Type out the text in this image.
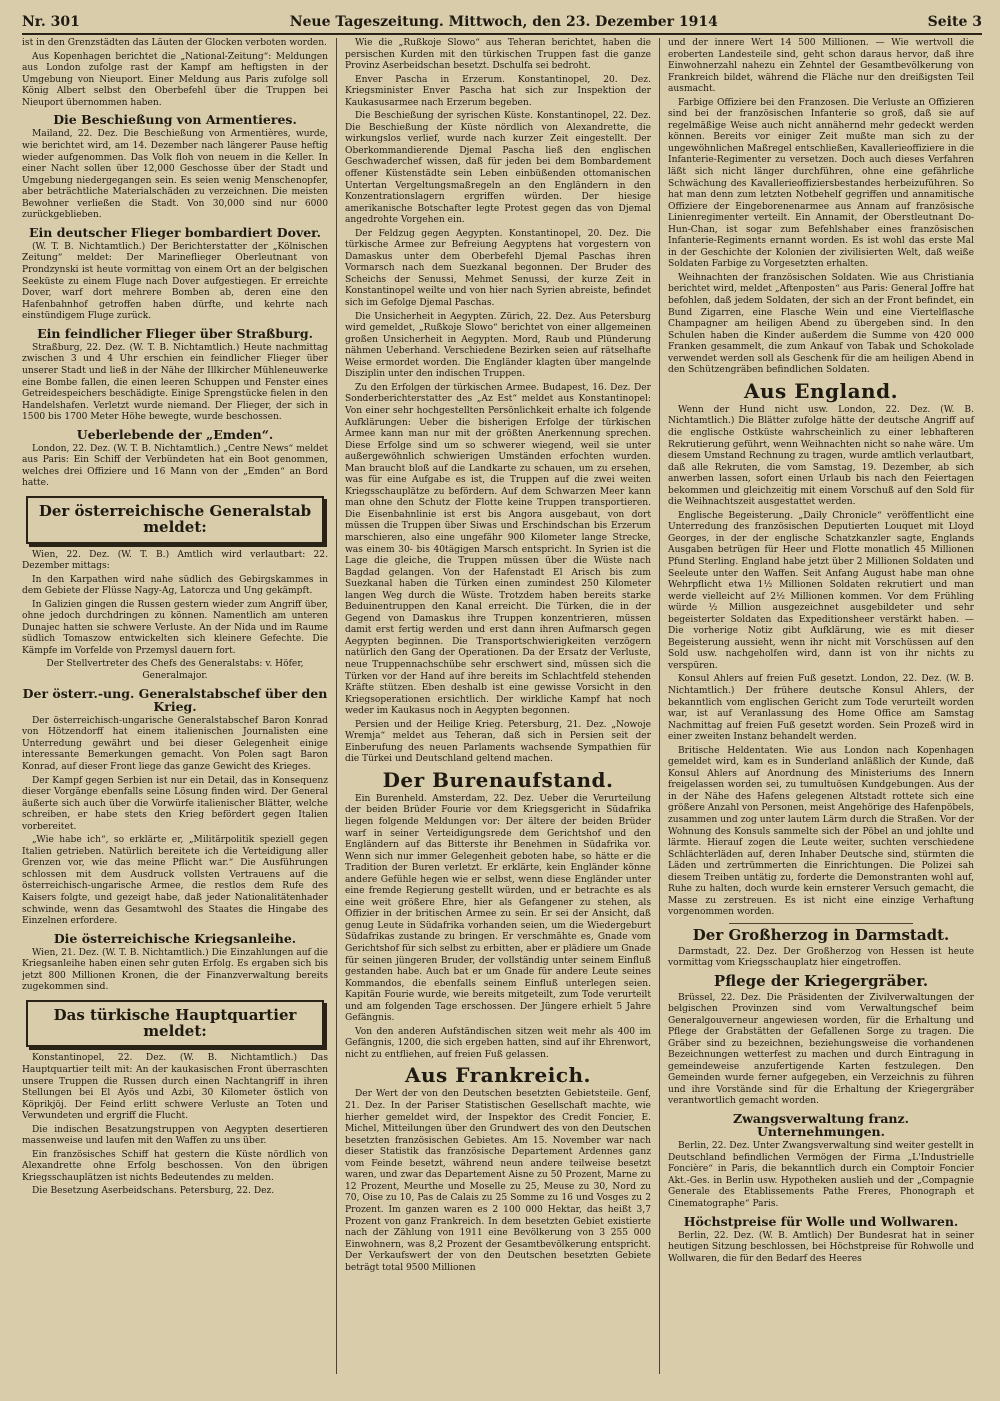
Nr. 301	Neue Tageszeitung. Mittwoch, den 23. Dezember 1914	Seite 3

ist in den Grenzstädten das Läuten der Glocken verboten worden.

Aus Kopenhagen berichtet die „National-Zeitung“: Meldungen aus London zufolge rast der Kampf am heftigsten in der Umgebung von Nieuport. Einer Meldung aus Paris zufolge soll König Albert selbst den Oberbefehl über die Truppen bei Nieuport übernommen haben.

Die Beschießung von Armentieres.

Mailand, 22. Dez. Die Beschießung von Armentières, wurde, wie berichtet wird, am 14. Dezember nach längerer Pause heftig wieder aufgenommen. Das Volk floh von neuem in die Keller. In einer Nacht sollen über 12,000 Geschosse über der Stadt und Umgebung niedergegangen sein. Es seien wenig Menschenopfer, aber beträchtliche Materialschäden zu verzeichnen. Die meisten Bewohner verließen die Stadt. Von 30,000 sind nur 6000 zurückgeblieben.

Ein deutscher Flieger bombardiert Dover.

(W. T. B. Nichtamtlich.) Der Berichterstatter der „Kölnischen Zeitung“ meldet: Der Marineflieger Oberleutnant von Prondzynski ist heute vormittag von einem Ort an der belgischen Seeküste zu einem Fluge nach Dover aufgestiegen. Er erreichte Dover, warf dort mehrere Bomben ab, deren eine den Hafenbahnhof getroffen haben dürfte, und kehrte nach einstündigem Fluge zurück.

Ein feindlicher Flieger über Straßburg.

Straßburg, 22. Dez. (W. T. B. Nichtamtlich.) Heute nachmittag zwischen 3 und 4 Uhr erschien ein feindlicher Flieger über unserer Stadt und ließ in der Nähe der Illkircher Mühleneuwerke eine Bombe fallen, die einen leeren Schuppen und Fenster eines Getreidespeichers beschädigte. Einige Sprengstücke fielen in den Handelshafen. Verletzt wurde niemand. Der Flieger, der sich in 1500 bis 1700 Meter Höhe bewegte, wurde beschossen.

Ueberlebende der „Emden“.

London, 22. Dez. (W. T. B. Nichtamtlich.) „Centre News“ meldet aus Paris: Ein Schiff der Verbündeten hat ein Boot genommen, welches drei Offiziere und 16 Mann von der „Emden“ an Bord hatte.

Der österreichische Generalstab meldet:

Wien, 22. Dez. (W. T. B.) Amtlich wird verlautbart: 22. Dezember mittags:

In den Karpathen wird nahe südlich des Gebirgskammes in dem Gebiete der Flüsse Nagy-Ag, Latorcza und Ung gekämpft.

In Galizien gingen die Russen gestern wieder zum Angriff über, ohne jedoch durchdringen zu können. Namentlich am unteren Dunajec hatten sie schwere Verluste. An der Nida und im Raume südlich Tomaszow entwickelten sich kleinere Gefechte. Die Kämpfe im Vorfelde von Przemysl dauern fort.

Der Stellvertreter des Chefs des Generalstabs: v. Höfer, Generalmajor.

Der österr.-ung. Generalstabschef über den Krieg.

Der österreichisch-ungarische Generalstabschef Baron Konrad von Hötzendorff hat einem italienischen Journalisten eine Unterredung gewährt und bei dieser Gelegenheit einige interessante Bemerkungen gemacht. Von Polen sagt Baron Konrad, auf dieser Front liege das ganze Gewicht des Krieges.

Der Kampf gegen Serbien ist nur ein Detail, das in Konsequenz dieser Vorgänge ebenfalls seine Lösung finden wird. Der General äußerte sich auch über die Vorwürfe italienischer Blätter, welche schreiben, er habe stets den Krieg befördert gegen Italien vorbereitet.

„Wie habe ich“, so erklärte er, „Militärpolitik speziell gegen Italien getrieben. Natürlich bereitete ich die Verteidigung aller Grenzen vor, wie das meine Pflicht war.“ Die Ausführungen schlossen mit dem Ausdruck vollsten Vertrauens auf die österreichisch-ungarische Armee, die restlos dem Rufe des Kaisers folgte, und gezeigt habe, daß jeder Nationalitätenhader schwinde, wenn das Gesamtwohl des Staates die Hingabe des Einzelnen erfordere.

Die österreichische Kriegsanleihe.

Wien, 21. Dez. (W. T. B. Nichtamtlich.) Die Einzahlungen auf die Kriegsanleihe haben einen sehr guten Erfolg. Es ergaben sich bis jetzt 800 Millionen Kronen, die der Finanzverwaltung bereits zugekommen sind.

Das türkische Hauptquartier meldet:

Konstantinopel, 22. Dez. (W. B. Nichtamtlich.) Das Hauptquartier teilt mit: An der kaukasischen Front überraschten unsere Truppen die Russen durch einen Nachtangriff in ihren Stellungen bei El Ayös und Azbi, 30 Kilometer östlich von Köprikjöj. Der Feind erlitt schwere Verluste an Toten und Verwundeten und ergriff die Flucht.

Die indischen Besatzungstruppen von Aegypten desertieren massenweise und laufen mit den Waffen zu uns über.

Ein französisches Schiff hat gestern die Küste nördlich von Alexandrette ohne Erfolg beschossen. Von den übrigen Kriegsschauplätzen ist nichts Bedeutendes zu melden.

Die Besetzung Aserbeidschans. Petersburg, 22. Dez.

Wie die „Rußkoje Slowo“ aus Teheran berichtet, haben die persischen Kurden mit den türkischen Truppen fast die ganze Provinz Aserbeidschan besetzt. Dschulfa sei bedroht.

Enver Pascha in Erzerum. Konstantinopel, 20. Dez. Kriegsminister Enver Pascha hat sich zur Inspektion der Kaukasusarmee nach Erzerum begeben.

Die Beschießung der syrischen Küste. Konstantinopel, 22. Dez. Die Beschießung der Küste nördlich von Alexandrette, die wirkungslos verlief, wurde nach kurzer Zeit eingestellt. Der Oberkommandierende Djemal Pascha ließ den englischen Geschwaderchef wissen, daß für jeden bei dem Bombardement offener Küstenstädte sein Leben einbüßenden ottomanischen Untertan Vergeltungsmaßregeln an den Engländern in den Konzentrationslagern ergriffen würden. Der hiesige amerikanische Botschafter legte Protest gegen das von Djemal angedrohte Vorgehen ein.

Der Feldzug gegen Aegypten. Konstantinopel, 20. Dez. Die türkische Armee zur Befreiung Aegyptens hat vorgestern von Damaskus unter dem Oberbefehl Djemal Paschas ihren Vormarsch nach dem Suezkanal begonnen. Der Bruder des Scheichs der Senussi, Mehmet Senussi, der kurze Zeit in Konstantinopel weilte und von hier nach Syrien abreiste, befindet sich im Gefolge Djemal Paschas.

Die Unsicherheit in Aegypten. Zürich, 22. Dez. Aus Petersburg wird gemeldet, „Rußkoje Slowo“ berichtet von einer allgemeinen großen Unsicherheit in Aegypten. Mord, Raub und Plünderung nähmen Ueberhand. Verschiedene Bezirken seien auf rätselhafte Weise ermordet worden. Die Engländer klagten über mangelnde Disziplin unter den indischen Truppen.

Zu den Erfolgen der türkischen Armee. Budapest, 16. Dez. Der Sonderberichterstatter des „Az Est“ meldet aus Konstantinopel: Von einer sehr hochgestellten Persönlichkeit erhalte ich folgende Aufklärungen: Ueber die bisherigen Erfolge der türkischen Armee kann man nur mit der größten Anerkennung sprechen. Diese Erfolge sind um so schwerer wiegend, weil sie unter außergewöhnlich schwierigen Umständen erfochten wurden. Man braucht bloß auf die Landkarte zu schauen, um zu ersehen, was für eine Aufgabe es ist, die Truppen auf die zwei weiten Kriegsschauplätze zu befördern. Auf dem Schwarzen Meer kann man ohne den Schutz der Flotte keine Truppen transportieren. Die Eisenbahnlinie ist erst bis Angora ausgebaut, von dort müssen die Truppen über Siwas und Erschindschan bis Erzerum marschieren, also eine ungefähr 900 Kilometer lange Strecke, was einem 30- bis 40tägigen Marsch entspricht. In Syrien ist die Lage die gleiche, die Truppen müssen über die Wüste nach Bagdad gelangen. Von der Hafenstadt El Arisch bis zum Suezkanal haben die Türken einen zumindest 250 Kilometer langen Weg durch die Wüste. Trotzdem haben bereits starke Beduinentruppen den Kanal erreicht. Die Türken, die in der Gegend von Damaskus ihre Truppen konzentrieren, müssen damit erst fertig werden und erst dann ihren Aufmarsch gegen Aegypten beginnen. Die Transportschwierigkeiten verzögern natürlich den Gang der Operationen. Da der Ersatz der Verluste, neue Truppennachschübe sehr erschwert sind, müssen sich die Türken vor der Hand auf ihre bereits im Schlachtfeld stehenden Kräfte stützen. Eben deshalb ist eine gewisse Vorsicht in den Kriegsoperationen ersichtlich. Der wirkliche Kampf hat noch weder im Kaukasus noch in Aegypten begonnen.

Persien und der Heilige Krieg. Petersburg, 21. Dez. „Nowoje Wremja“ meldet aus Teheran, daß sich in Persien seit der Einberufung des neuen Parlaments wachsende Sympathien für die Türkei und Deutschland geltend machen.

Der Burenaufstand.

Ein Burenheld. Amsterdam, 22. Dez. Ueber die Verurteilung der beiden Brüder Fourie vor dem Kriegsgericht in Südafrika liegen folgende Meldungen vor: Der ältere der beiden Brüder warf in seiner Verteidigungsrede dem Gerichtshof und den Engländern auf das Bitterste ihr Benehmen in Südafrika vor. Wenn sich nur immer Gelegenheit geboten habe, so hätte er die Tradition der Buren verletzt. Er erklärte, kein Engländer könne andere Gefühle hegen wie er selbst, wenn diese Engländer unter eine fremde Regierung gestellt würden, und er betrachte es als eine weit größere Ehre, hier als Gefangener zu stehen, als Offizier in der britischen Armee zu sein. Er sei der Ansicht, daß genug Leute in Südafrika vorhanden seien, um die Wiedergeburt Südafrikas zustande zu bringen. Er verschmähte es, Gnade vom Gerichtshof für sich selbst zu erbitten, aber er plädiere um Gnade für seinen jüngeren Bruder, der vollständig unter seinem Einfluß gestanden habe. Auch bat er um Gnade für andere Leute seines Kommandos, die ebenfalls seinem Einfluß unterlegen seien. Kapitän Fourie wurde, wie bereits mitgeteilt, zum Tode verurteilt und am folgenden Tage erschossen. Der Jüngere erhielt 5 Jahre Gefängnis.

Von den anderen Aufständischen sitzen weit mehr als 400 im Gefängnis, 1200, die sich ergeben hatten, sind auf ihr Ehrenwort, nicht zu entfliehen, auf freien Fuß gelassen.

Aus Frankreich.

Der Wert der von den Deutschen besetzten Gebietsteile. Genf, 21. Dez. In der Pariser Statistischen Gesellschaft machte, wie hierher gemeldet wird, der Inspektor des Credit Foncier, E. Michel, Mitteilungen über den Grundwert des von den Deutschen besetzten französischen Gebietes. Am 15. November war nach dieser Statistik das französische Departement Ardennes ganz vom Feinde besetzt, während neun andere teilweise besetzt waren, und zwar das Departement Aisne zu 50 Prozent, Marne zu 12 Prozent, Meurthe und Moselle zu 25, Meuse zu 30, Nord zu 70, Oise zu 10, Pas de Calais zu 25 Somme zu 16 und Vosges zu 2 Prozent. Im ganzen waren es 2 100 000 Hektar, das heißt 3,7 Prozent von ganz Frankreich. In dem besetzten Gebiet existierte nach der Zählung von 1911 eine Bevölkerung von 3 255 000 Einwohnern, was 8,2 Prozent der Gesamtbevölkerung entspricht. Der Verkaufswert der von den Deutschen besetzten Gebiete beträgt total 9500 Millionen

und der innere Wert 14 500 Millionen. — Wie wertvoll die eroberten Landesteile sind, geht schon daraus hervor, daß ihre Einwohnerzahl nahezu ein Zehntel der Gesamtbevölkerung von Frankreich bildet, während die Fläche nur den dreißigsten Teil ausmacht.

Farbige Offiziere bei den Franzosen. Die Verluste an Offizieren sind bei der französischen Infanterie so groß, daß sie auf regelmäßige Weise auch nicht annähernd mehr gedeckt werden können. Bereits vor einiger Zeit mußte man sich zu der ungewöhnlichen Maßregel entschließen, Kavallerieoffiziere in die Infanterie-Regimenter zu versetzen. Doch auch dieses Verfahren läßt sich nicht länger durchführen, ohne eine gefährliche Schwächung des Kavallerieoffiziersbestandes herbeizuführen. So hat man denn zum letzten Notbehelf gegriffen und annamitische Offiziere der Eingeborenenarmee aus Annam auf französische Linienregimenter verteilt. Ein Annamit, der Oberstleutnant Do-Hun-Chan, ist sogar zum Befehlshaber eines französischen Infanterie-Regiments ernannt worden. Es ist wohl das erste Mal in der Geschichte der Kolonien der zivilisierten Welt, daß weiße Soldaten Farbige zu Vorgesetzten erhalten.

Weihnachten der französischen Soldaten. Wie aus Christiania berichtet wird, meldet „Aftenposten“ aus Paris: General Joffre hat befohlen, daß jedem Soldaten, der sich an der Front befindet, ein Bund Zigarren, eine Flasche Wein und eine Viertelflasche Champagner am heiligen Abend zu übergeben sind. In den Schulen haben die Kinder außerdem die Summe von 420 000 Franken gesammelt, die zum Ankauf von Tabak und Schokolade verwendet werden soll als Geschenk für die am heiligen Abend in den Schützengräben befindlichen Soldaten.

Aus England.

Wenn der Hund nicht usw. London, 22. Dez. (W. B. Nichtamtlich.) Die Blätter zufolge hätte der deutsche Angriff auf die englische Ostküste wahrscheinlich zu einer lebhafteren Rekrutierung geführt, wenn Weihnachten nicht so nahe wäre. Um diesem Umstand Rechnung zu tragen, wurde amtlich verlautbart, daß alle Rekruten, die vom Samstag, 19. Dezember, ab sich anwerben lassen, sofort einen Urlaub bis nach den Feiertagen bekommen und gleichzeitig mit einem Vorschuß auf den Sold für die Weihnachtszeit ausgestattet werden.

Englische Begeisterung. „Daily Chronicle“ veröffentlicht eine Unterredung des französischen Deputierten Louquet mit Lloyd Georges, in der der englische Schatzkanzler sagte, Englands Ausgaben betrügen für Heer und Flotte monatlich 45 Millionen Pfund Sterling. England habe jetzt über 2 Millionen Soldaten und Seeleute unter den Waffen. Seit Anfang August habe man ohne Wehrpflicht etwa 1½ Millionen Soldaten rekrutiert und man werde vielleicht auf 2½ Millionen kommen. Vor dem Frühling würde ½ Million ausgezeichnet ausgebildeter und sehr begeisterter Soldaten das Expeditionsheer verstärkt haben. — Die vorherige Notiz gibt Aufklärung, wie es mit dieser Begeisterung aussieht, wenn ihr nicht mit Vorschüssen auf den Sold usw. nachgeholfen wird, dann ist von ihr nichts zu verspüren.

Konsul Ahlers auf freien Fuß gesetzt. London, 22. Dez. (W. B. Nichtamtlich.) Der frühere deutsche Konsul Ahlers, der bekanntlich vom englischen Gericht zum Tode verurteilt worden war, ist auf Veranlassung des Home Office am Samstag Nachmittag auf freien Fuß gesetzt worden. Sein Prozeß wird in einer zweiten Instanz behandelt werden.

Britische Heldentaten. Wie aus London nach Kopenhagen gemeldet wird, kam es in Sunderland anläßlich der Kunde, daß Konsul Ahlers auf Anordnung des Ministeriums des Innern freigelassen worden sei, zu tumultuösen Kundgebungen. Aus der in der Nähe des Hafens gelegenen Altstadt rottete sich eine größere Anzahl von Personen, meist Angehörige des Hafenpöbels, zusammen und zog unter lautem Lärm durch die Straßen. Vor der Wohnung des Konsuls sammelte sich der Pöbel an und johlte und lärmte. Hierauf zogen die Leute weiter, suchten verschiedene Schlächterläden auf, deren Inhaber Deutsche sind, stürmten die Läden und zertrümmerten die Einrichtungen. Die Polizei sah diesem Treiben untätig zu, forderte die Demonstranten wohl auf, Ruhe zu halten, doch wurde kein ernsterer Versuch gemacht, die Masse zu zerstreuen. Es ist nicht eine einzige Verhaftung vorgenommen worden.

Der Großherzog in Darmstadt.

Darmstadt, 22. Dez. Der Großherzog von Hessen ist heute vormittag vom Kriegsschauplatz hier eingetroffen.

Pflege der Kriegergräber.

Brüssel, 22. Dez. Die Präsidenten der Zivilverwaltungen der belgischen Provinzen sind vom Verwaltungschef beim Generalgouverneur angewiesen worden, für die Erhaltung und Pflege der Grabstätten der Gefallenen Sorge zu tragen. Die Gräber sind zu bezeichnen, beziehungsweise die vorhandenen Bezeichnungen wetterfest zu machen und durch Eintragung in gemeindeweise anzufertigende Karten festzulegen. Den Gemeinden wurde ferner aufgegeben, ein Verzeichnis zu führen und ihre Vorstände sind für die Erhaltung der Kriegergräber verantwortlich gemacht worden.

Zwangsverwaltung franz. Unternehmungen.

Berlin, 22. Dez. Unter Zwangsverwaltung sind weiter gestellt in Deutschland befindlichen Vermögen der Firma „L'Industrielle Foncière“ in Paris, die bekanntlich durch ein Comptoir Foncier Akt.-Ges. in Berlin usw. Hypotheken auslieh und der „Compagnie Generale des Etablissements Pathe Freres, Phonograph et Cinematographe“ Paris.

Höchstpreise für Wolle und Wollwaren.

Berlin, 22. Dez. (W. B. Amtlich) Der Bundesrat hat in seiner heutigen Sitzung beschlossen, bei Höchstpreise für Rohwolle und Wollwaren, die für den Bedarf des Heeres
